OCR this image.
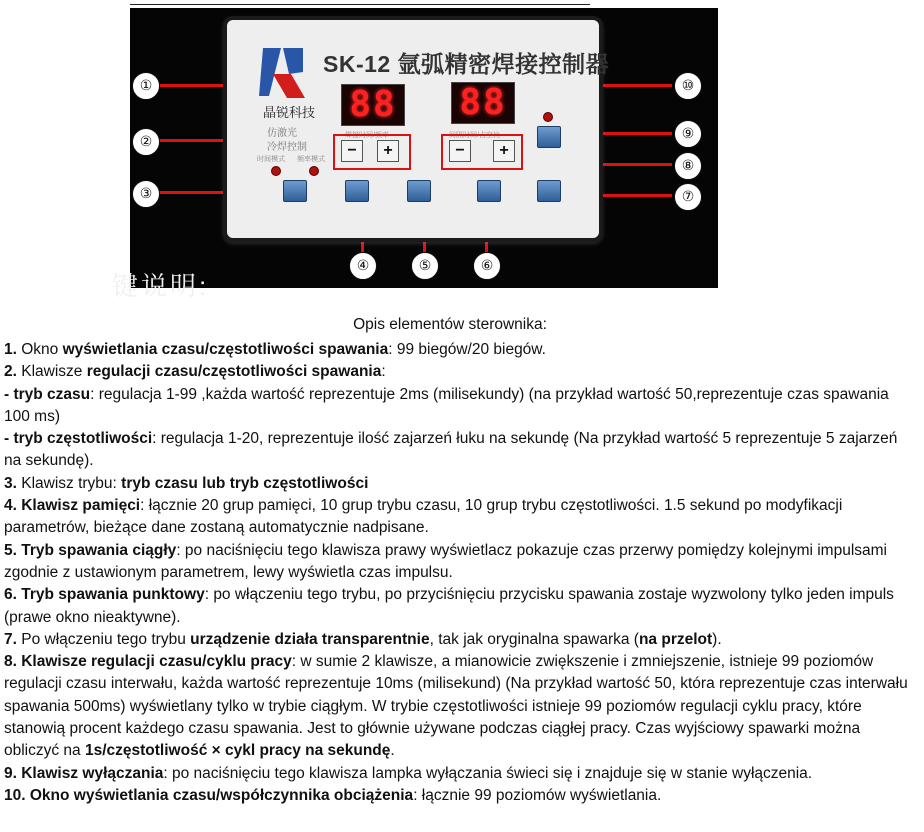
SK-12 氩弧精密焊接控制器
晶锐科技
仿激光
冷焊控制
88 88
焊接时间/频率	间隔时间/占空比
时间模式 频率模式
−	+	−	+
①
②
③
④	⑤	⑥
⑦
⑧
⑨
⑩
键说明:
Opis elementów sterownika:

1. Okno wyświetlania czasu/częstotliwości spawania: 99 biegów/20 biegów.

2. Klawisze regulacji czasu/częstotliwości spawania:

- tryb czasu: regulacja 1-99 ,każda wartość reprezentuje 2ms (milisekundy) (na przykład wartość 50,reprezentuje czas spawania 100 ms)

- tryb częstotliwości: regulacja 1-20, reprezentuje ilość zajarzeń łuku na sekundę (Na przykład wartość 5 reprezentuje 5 zajarzeń na sekundę).

3. Klawisz trybu: tryb czasu lub tryb częstotliwości

4. Klawisz pamięci: łącznie 20 grup pamięci, 10 grup trybu czasu, 10 grup trybu częstotliwości. 1.5 sekund po modyfikacji parametrów, bieżące dane zostaną automatycznie nadpisane.

5. Tryb spawania ciągły: po naciśnięciu tego klawisza prawy wyświetlacz pokazuje czas przerwy pomiędzy kolejnymi impulsami zgodnie z ustawionym parametrem, lewy wyświetla czas impulsu.

6. Tryb spawania punktowy: po włączeniu tego trybu, po przyciśnięciu przycisku spawania zostaje wyzwolony tylko jeden impuls (prawe okno nieaktywne).

7. Po włączeniu tego trybu urządzenie działa transparentnie, tak jak oryginalna spawarka (na przelot).

8. Klawisze regulacji czasu/cyklu pracy: w sumie 2 klawisze, a mianowicie zwiększenie i zmniejszenie, istnieje 99 poziomów regulacji czasu interwału, każda wartość reprezentuje 10ms (milisekund) (Na przykład wartość 50, która reprezentuje czas interwału spawania 500ms) wyświetlany tylko w trybie ciągłym. W trybie częstotliwości istnieje 99 poziomów regulacji cyklu pracy, które stanowią procent każdego czasu spawania. Jest to głównie używane podczas ciągłej pracy. Czas wyjściowy spawarki można obliczyć na 1s/częstotliwość × cykl pracy na sekundę.

9. Klawisz wyłączania: po naciśnięciu tego klawisza lampka wyłączania świeci się i znajduje się w stanie wyłączenia.

10. Okno wyświetlania czasu/współczynnika obciążenia: łącznie 99 poziomów wyświetlania.
